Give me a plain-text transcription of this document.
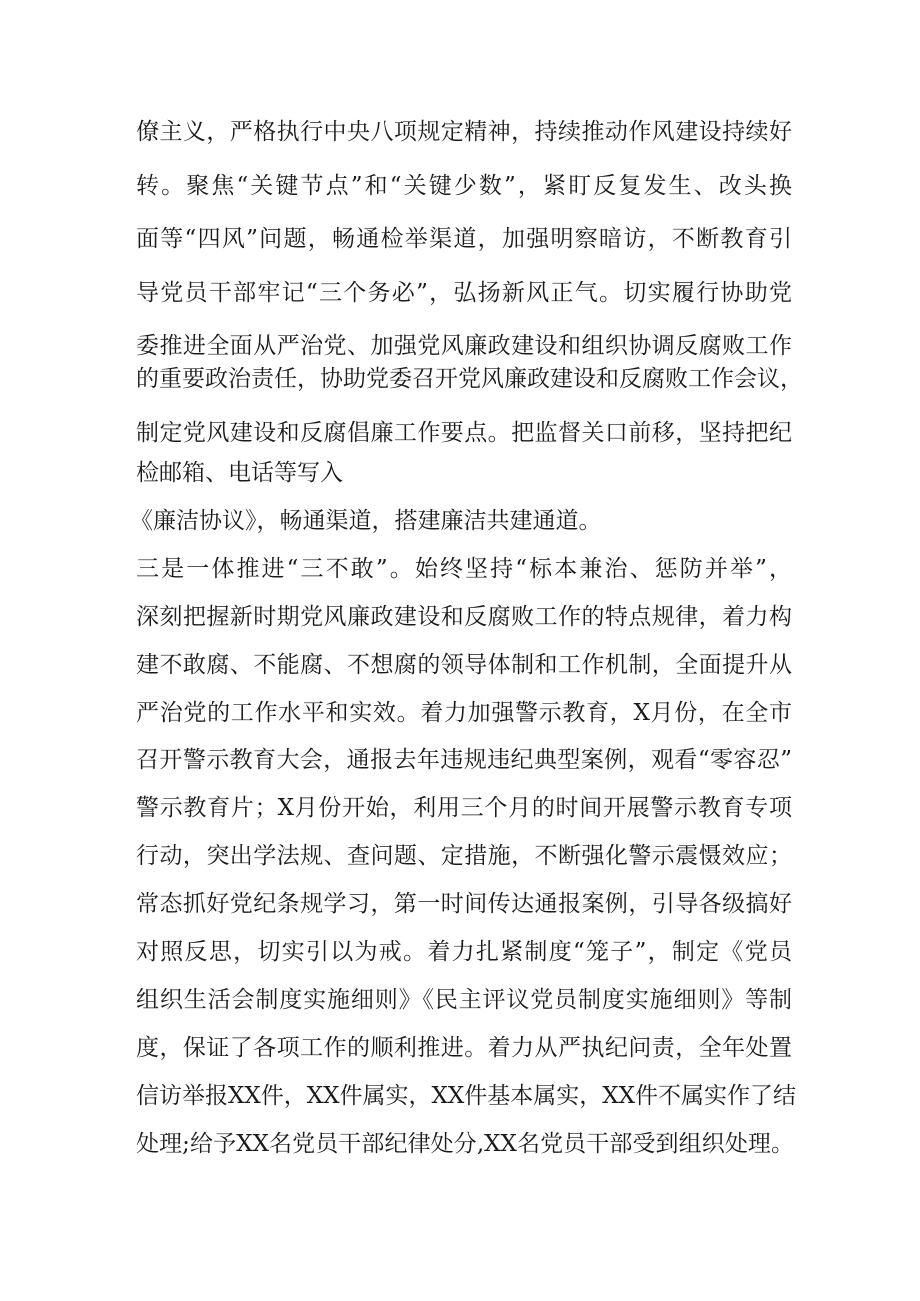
僚主义，严格执行中央八项规定精神，持续推动作风建设持续好
转。聚焦“关键节点”和“关键少数”，紧盯反复发生、改头换
面等“四风”问题，畅通检举渠道，加强明察暗访，不断教育引
导党员干部牢记“三个务必”，弘扬新风正气。切实履行协助党
委推进全面从严治党、加强党风廉政建设和组织协调反腐败工作
的重要政治责任，协助党委召开党风廉政建设和反腐败工作会议，
制定党风建设和反腐倡廉工作要点。把监督关口前移，坚持把纪
检邮箱、电话等写入
《廉洁协议》，畅通渠道，搭建廉洁共建通道。
三是一体推进“三不敢”。始终坚持“标本兼治、惩防并举”，
深刻把握新时期党风廉政建设和反腐败工作的特点规律，着力构
建不敢腐、不能腐、不想腐的领导体制和工作机制，全面提升从
严治党的工作水平和实效。着力加强警示教育，X月份，在全市
召开警示教育大会，通报去年违规违纪典型案例，观看“零容忍”
警示教育片；X月份开始，利用三个月的时间开展警示教育专项
行动，突出学法规、查问题、定措施，不断强化警示震慑效应；
常态抓好党纪条规学习，第一时间传达通报案例，引导各级搞好
对照反思，切实引以为戒。着力扎紧制度“笼子”，制定《党员
组织生活会制度实施细则》《民主评议党员制度实施细则》等制
度，保证了各项工作的顺利推进。着力从严执纪问责，全年处置
信访举报XX件，XX件属实，XX件基本属实，XX件不属实作了结
处理;给予XX名党员干部纪律处分,XX名党员干部受到组织处理。
